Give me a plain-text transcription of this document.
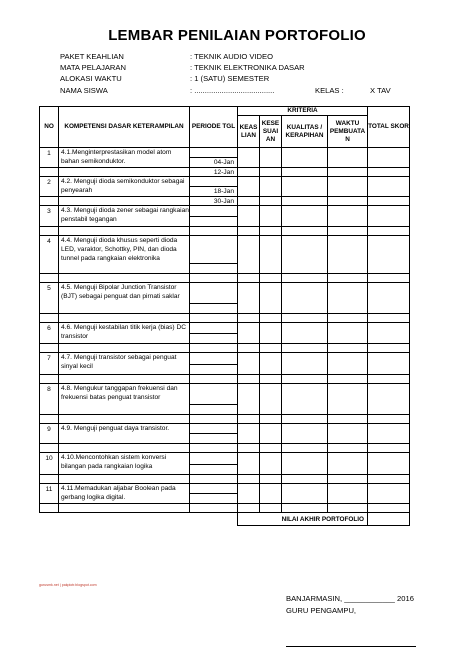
LEMBAR PENILAIAN PORTOFOLIO
PAKET KEAHLIAN	: TEKNIK AUDIO VIDEO
MATA PELAJARAN	: TEKNIK ELEKTRONIKA DASAR
ALOKASI WAKTU	: 1 (SATU) SEMESTER
NAMA SISWA	: ......................................	KELAS :	X TAV
NO	KOMPETENSI DASAR KETERAMPILAN	PERIODE TGL	KRITERIA				TOTAL SKOR
			KEAS LIAN	KESE SUAI AN	KUALITAS / KERAPIHAN	WAKTU PEMBUATA N	
1	4.1.Menginterprestasikan model atom bahan semikonduktor.						
		04-Jan					
		12-Jan					
2	4.2. Menguji dioda semikonduktor sebagai penyearah						
		18-Jan					
		30-Jan					
3	4.3. Menguji dioda zener sebagai rangkaian penstabil tegangan						

4	4.4. Menguji dioda khusus seperti dioda LED, varaktor, Schottky, PIN, dan dioda tunnel pada rangkaian elektronika						

5	4.5. Menguji Bipolar Junction Transistor (BJT) sebagai penguat dan pirnati saklar						

6	4.6. Menguji kestabilan titik kerja (bias) DC transistor						

7	4.7. Menguji transistor sebagai penguat sinyal kecil						

8	4.8. Mengukur tanggapan frekuensi dan frekuensi batas penguat transistor						

9	4.9. Menguji penguat daya transistor.						

10	4.10.Mencontohkan sistem konversi bilangan pada rangkaian logika						

11	4.11.Memadukan aljabar Boolean pada gerbang logika digital.						

			NILAI AKHIR PORTOFOLIO				
gurusmk.net | pakpiotr.blogspot.com
BANJARMASIN, ____________ 2016
GURU PENGAMPU,
